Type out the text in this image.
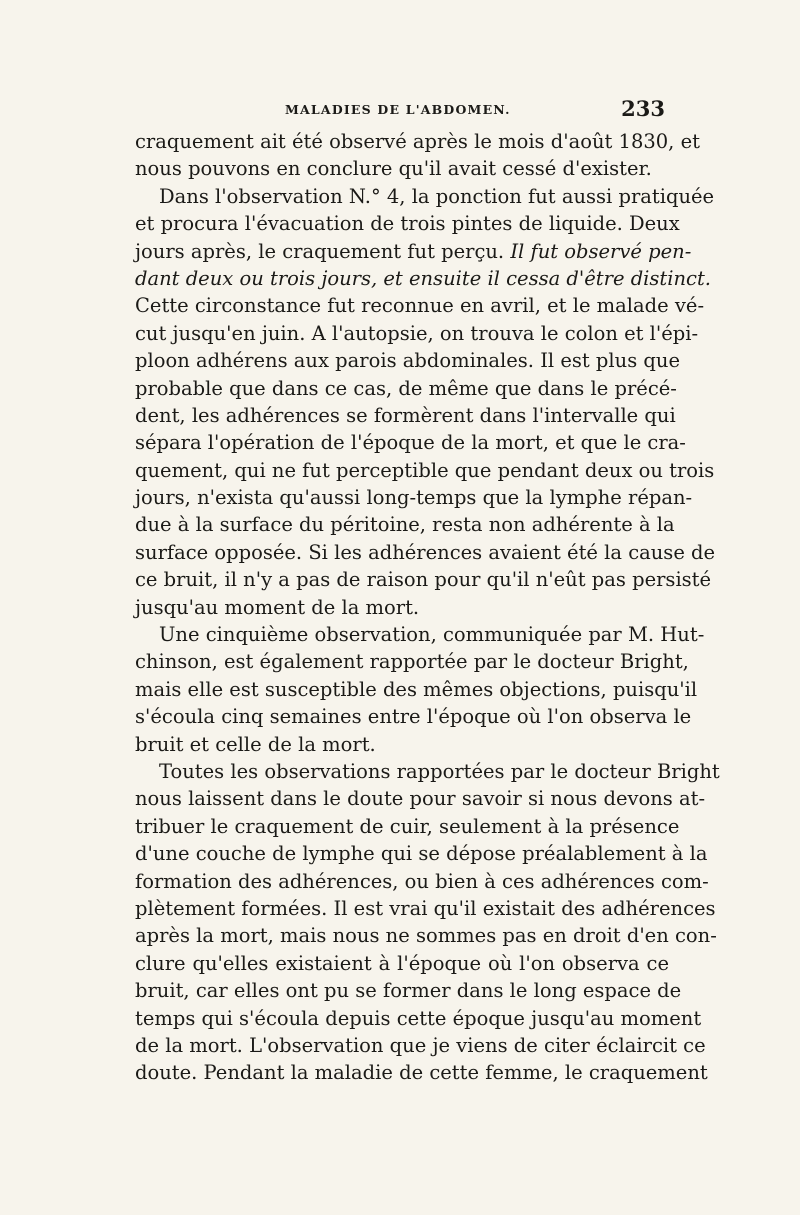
MALADIES DE L'ABDOMEN.	233
craquement ait été observé après le mois d'août 1830, et
nous pouvons en conclure qu'il avait cessé d'exister.
Dans l'observation N.° 4, la ponction fut aussi pratiquée
et procura l'évacuation de trois pintes de liquide. Deux
jours après, le craquement fut perçu. Il fut observé pen-
dant deux ou trois jours, et ensuite il cessa d'être distinct.
Cette circonstance fut reconnue en avril, et le malade vé-
cut jusqu'en juin. A l'autopsie, on trouva le colon et l'épi-
ploon adhérens aux parois abdominales. Il est plus que
probable que dans ce cas, de même que dans le précé-
dent, les adhérences se formèrent dans l'intervalle qui
sépara l'opération de l'époque de la mort, et que le cra-
quement, qui ne fut perceptible que pendant deux ou trois
jours, n'exista qu'aussi long-temps que la lymphe répan-
due à la surface du péritoine, resta non adhérente à la
surface opposée. Si les adhérences avaient été la cause de
ce bruit, il n'y a pas de raison pour qu'il n'eût pas persisté
jusqu'au moment de la mort.
Une cinquième observation, communiquée par M. Hut-
chinson, est également rapportée par le docteur Bright,
mais elle est susceptible des mêmes objections, puisqu'il
s'écoula cinq semaines entre l'époque où l'on observa le
bruit et celle de la mort.
Toutes les observations rapportées par le docteur Bright
nous laissent dans le doute pour savoir si nous devons at-
tribuer le craquement de cuir, seulement à la présence
d'une couche de lymphe qui se dépose préalablement à la
formation des adhérences, ou bien à ces adhérences com-
plètement formées. Il est vrai qu'il existait des adhérences
après la mort, mais nous ne sommes pas en droit d'en con-
clure qu'elles existaient à l'époque où l'on observa ce
bruit, car elles ont pu se former dans le long espace de
temps qui s'écoula depuis cette époque jusqu'au moment
de la mort. L'observation que je viens de citer éclaircit ce
doute. Pendant la maladie de cette femme, le craquement
